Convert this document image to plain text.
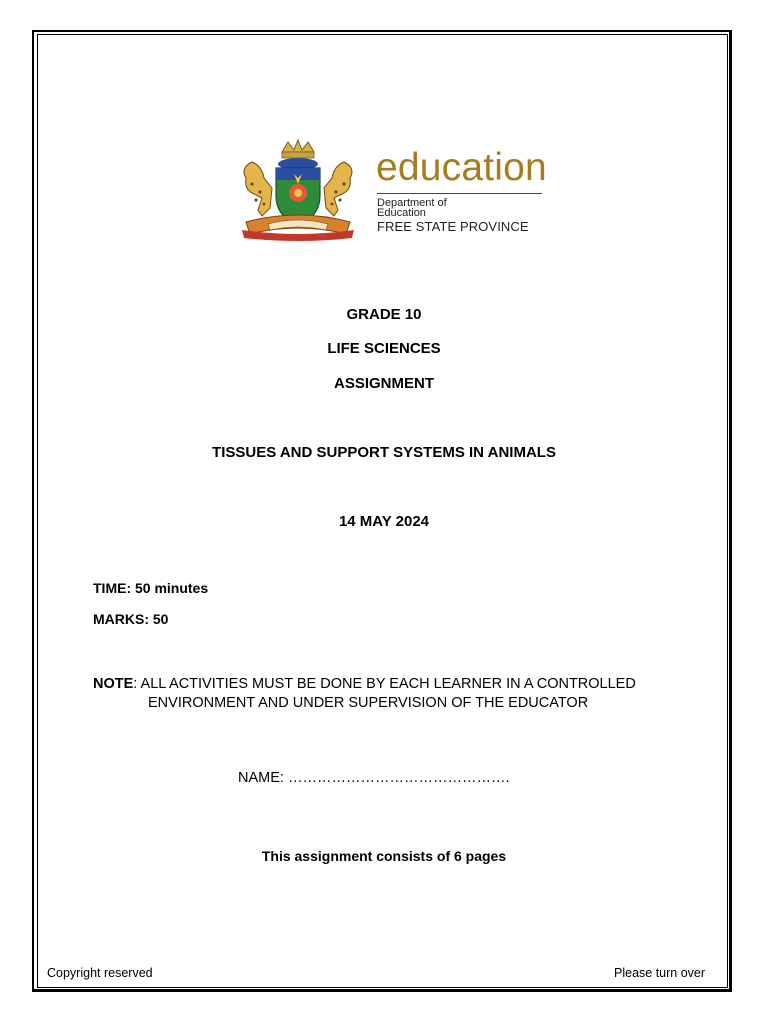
education
Department of
Education
FREE STATE PROVINCE
GRADE 10
LIFE SCIENCES
ASSIGNMENT
TISSUES AND SUPPORT SYSTEMS IN ANIMALS
14 MAY 2024
TIME: 50 minutes
MARKS: 50
NOTE: ALL ACTIVITIES MUST BE DONE BY EACH LEARNER IN A CONTROLLED
ENVIRONMENT AND UNDER SUPERVISION OF THE EDUCATOR
NAME: ……………………………………….
This assignment consists of 6 pages
Copyright reserved	Please turn over
